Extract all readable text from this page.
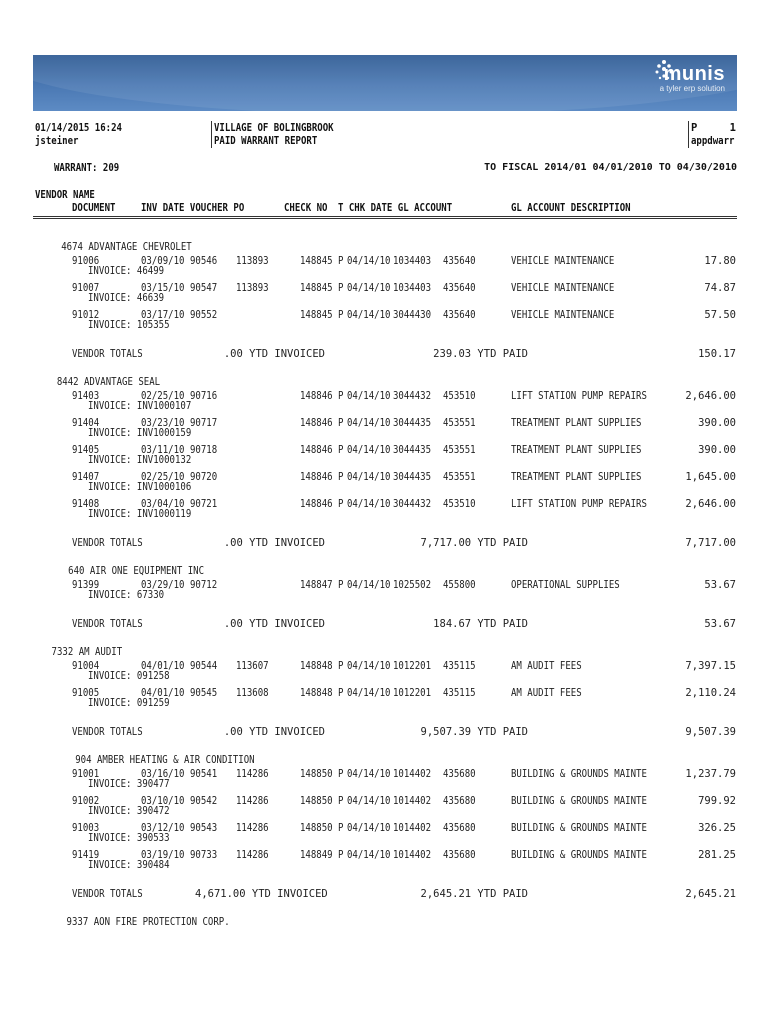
munis
a tyler erp solution
01/14/2015 16:24
jsteiner
VILLAGE OF BOLINGBROOK
PAID WARRANT REPORT
P	1
appdwarr
WARRANT: 209	TO FISCAL 2014/01 04/01/2010 TO 04/30/2010
VENDOR NAME
DOCUMENT INV DATE VOUCHER PO	CHECK NO T CHK DATE GL ACCOUNT	GL ACCOUNT DESCRIPTION
4674 ADVANTAGE CHEVROLET
91006	03/09/10 90546 113893	148845 P 04/14/10 1034403 435640	VEHICLE MAINTENANCE	17.80
INVOICE: 46499
91007	03/15/10 90547 113893	148845 P 04/14/10 1034403 435640	VEHICLE MAINTENANCE	74.87
INVOICE: 46639
91012	03/17/10 90552	148845 P 04/14/10 3044430 435640	VEHICLE MAINTENANCE	57.50
INVOICE: 105355
VENDOR TOTALS	.00 YTD INVOICED	239.03 YTD PAID	150.17
8442 ADVANTAGE SEAL
91403	02/25/10 90716	148846 P 04/14/10 3044432 453510	LIFT STATION PUMP REPAIRS	2,646.00
INVOICE: INV1000107
91404	03/23/10 90717	148846 P 04/14/10 3044435 453551	TREATMENT PLANT SUPPLIES	390.00
INVOICE: INV1000159
91405	03/11/10 90718	148846 P 04/14/10 3044435 453551	TREATMENT PLANT SUPPLIES	390.00
INVOICE: INV1000132
91407	02/25/10 90720	148846 P 04/14/10 3044435 453551	TREATMENT PLANT SUPPLIES	1,645.00
INVOICE: INV1000106
91408	03/04/10 90721	148846 P 04/14/10 3044432 453510	LIFT STATION PUMP REPAIRS	2,646.00
INVOICE: INV1000119
VENDOR TOTALS	.00 YTD INVOICED	7,717.00 YTD PAID	7,717.00
640 AIR ONE EQUIPMENT INC
91399	03/29/10 90712	148847 P 04/14/10 1025502 455800	OPERATIONAL SUPPLIES	53.67
INVOICE: 67330
VENDOR TOTALS	.00 YTD INVOICED	184.67 YTD PAID	53.67
7332 AM AUDIT
91004	04/01/10 90544 113607	148848 P 04/14/10 1012201 435115	AM AUDIT FEES	7,397.15
INVOICE: 091258
91005	04/01/10 90545 113608	148848 P 04/14/10 1012201 435115	AM AUDIT FEES	2,110.24
INVOICE: 091259
VENDOR TOTALS	.00 YTD INVOICED	9,507.39 YTD PAID	9,507.39
904 AMBER HEATING & AIR CONDITION
91001	03/16/10 90541 114286	148850 P 04/14/10 1014402 435680	BUILDING & GROUNDS MAINTE	1,237.79
INVOICE: 390477
91002	03/10/10 90542 114286	148850 P 04/14/10 1014402 435680	BUILDING & GROUNDS MAINTE	799.92
INVOICE: 390472
91003	03/12/10 90543 114286	148850 P 04/14/10 1014402 435680	BUILDING & GROUNDS MAINTE	326.25
INVOICE: 390533
91419	03/19/10 90733 114286	148849 P 04/14/10 1014402 435680	BUILDING & GROUNDS MAINTE	281.25
INVOICE: 390484
VENDOR TOTALS	4,671.00 YTD INVOICED	2,645.21 YTD PAID	2,645.21
9337 AON FIRE PROTECTION CORP.
